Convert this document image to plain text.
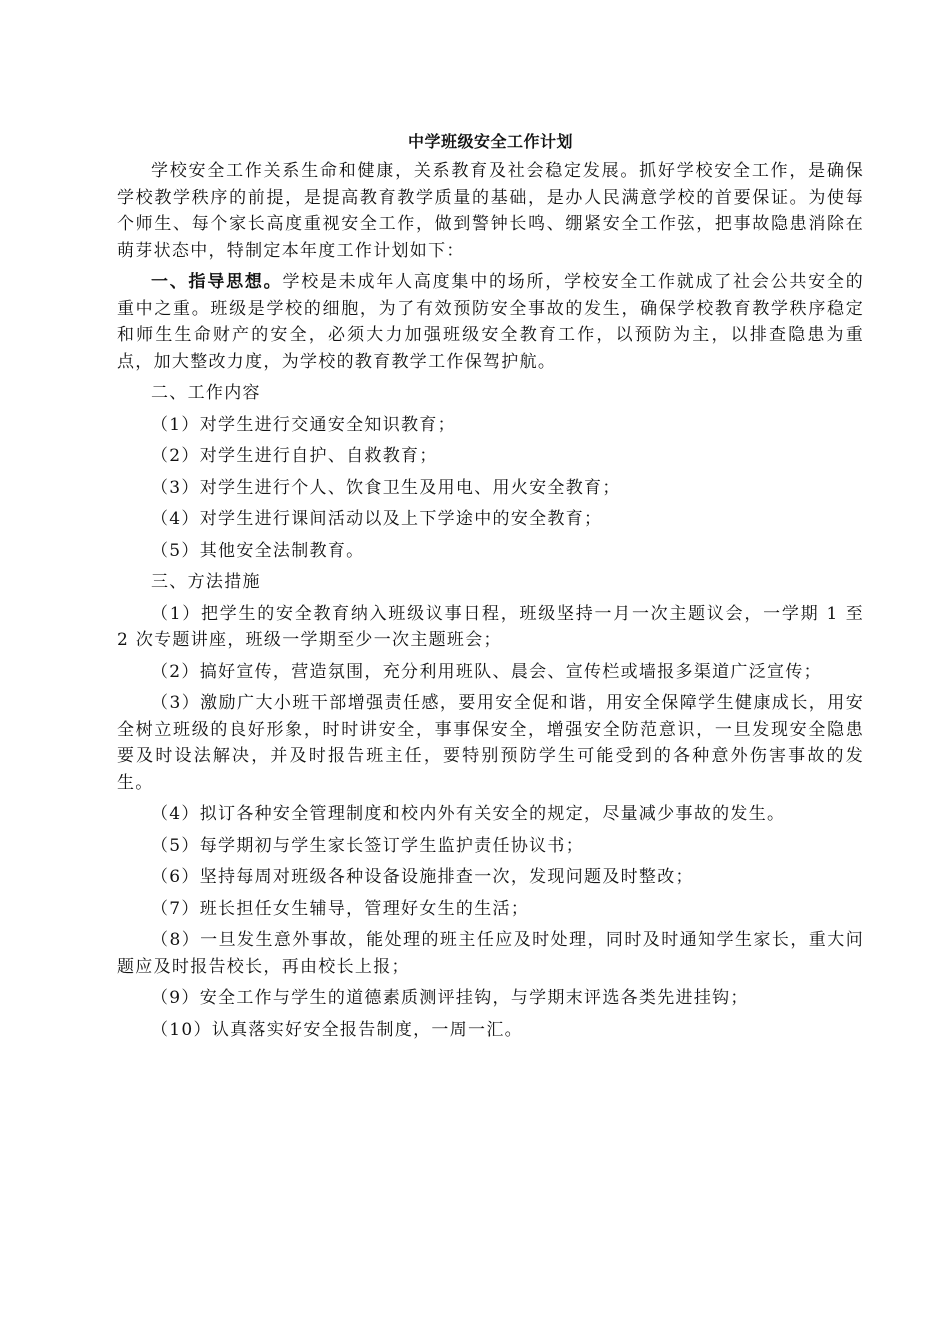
中学班级安全工作计划

学校安全工作关系生命和健康，关系教育及社会稳定发展。抓好学校安全工作，是确保学校教学秩序的前提，是提高教育教学质量的基础，是办人民满意学校的首要保证。为使每个师生、每个家长高度重视安全工作，做到警钟长鸣、绷紧安全工作弦，把事故隐患消除在萌芽状态中，特制定本年度工作计划如下：

一、指导思想。学校是未成年人高度集中的场所，学校安全工作就成了社会公共安全的重中之重。班级是学校的细胞，为了有效预防安全事故的发生，确保学校教育教学秩序稳定和师生生命财产的安全，必须大力加强班级安全教育工作，以预防为主，以排查隐患为重点，加大整改力度，为学校的教育教学工作保驾护航。

二、工作内容

（1）对学生进行交通安全知识教育；

（2）对学生进行自护、自救教育；

（3）对学生进行个人、饮食卫生及用电、用火安全教育；

（4）对学生进行课间活动以及上下学途中的安全教育；

（5）其他安全法制教育。

三、方法措施

（1）把学生的安全教育纳入班级议事日程，班级坚持一月一次主题议会，一学期 1 至 2 次专题讲座，班级一学期至少一次主题班会；

（2）搞好宣传，营造氛围，充分利用班队、晨会、宣传栏或墙报多渠道广泛宣传；

（3）激励广大小班干部增强责任感，要用安全促和谐，用安全保障学生健康成长，用安全树立班级的良好形象，时时讲安全，事事保安全，增强安全防范意识，一旦发现安全隐患要及时设法解决，并及时报告班主任，要特别预防学生可能受到的各种意外伤害事故的发生。

（4）拟订各种安全管理制度和校内外有关安全的规定，尽量减少事故的发生。

（5）每学期初与学生家长签订学生监护责任协议书；

（6）坚持每周对班级各种设备设施排查一次，发现问题及时整改；

（7）班长担任女生辅导，管理好女生的生活；

（8）一旦发生意外事故，能处理的班主任应及时处理，同时及时通知学生家长，重大问题应及时报告校长，再由校长上报；

（9）安全工作与学生的道德素质测评挂钩，与学期末评选各类先进挂钩；

（10）认真落实好安全报告制度，一周一汇。
